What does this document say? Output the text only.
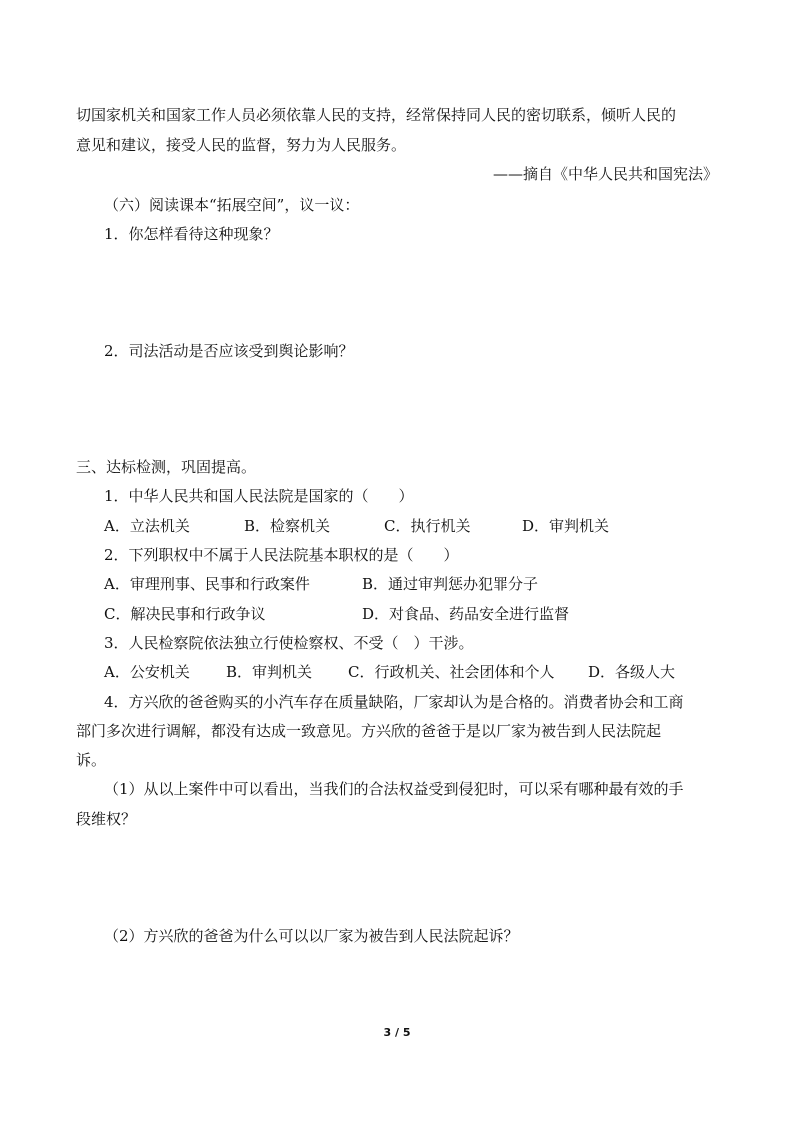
切国家机关和国家工作人员必须依靠人民的支持，经常保持同人民的密切联系，倾听人民的
意见和建议，接受人民的监督，努力为人民服务。
——摘自《中华人民共和国宪法》
（六）阅读课本“拓展空间”，议一议：
1．你怎样看待这种现象？
2．司法活动是否应该受到舆论影响？
三、达标检测，巩固提高。
1．中华人民共和国人民法院是国家的（　　）
A．立法机关	B．检察机关	C．执行机关	D．审判机关
2．下列职权中不属于人民法院基本职权的是（　　）
A．审理刑事、民事和行政案件	B．通过审判惩办犯罪分子
C．解决民事和行政争议	D．对食品、药品安全进行监督
3．人民检察院依法独立行使检察权、不受（　）干涉。
A．公安机关 B．审判机关 C．行政机关、社会团体和个人 D．各级人大
4．方兴欣的爸爸购买的小汽车存在质量缺陷，厂家却认为是合格的。消费者协会和工商
部门多次进行调解，都没有达成一致意见。方兴欣的爸爸于是以厂家为被告到人民法院起
诉。
（1）从以上案件中可以看出，当我们的合法权益受到侵犯时，可以采有哪种最有效的手
段维权？
（2）方兴欣的爸爸为什么可以以厂家为被告到人民法院起诉？
3 / 5
